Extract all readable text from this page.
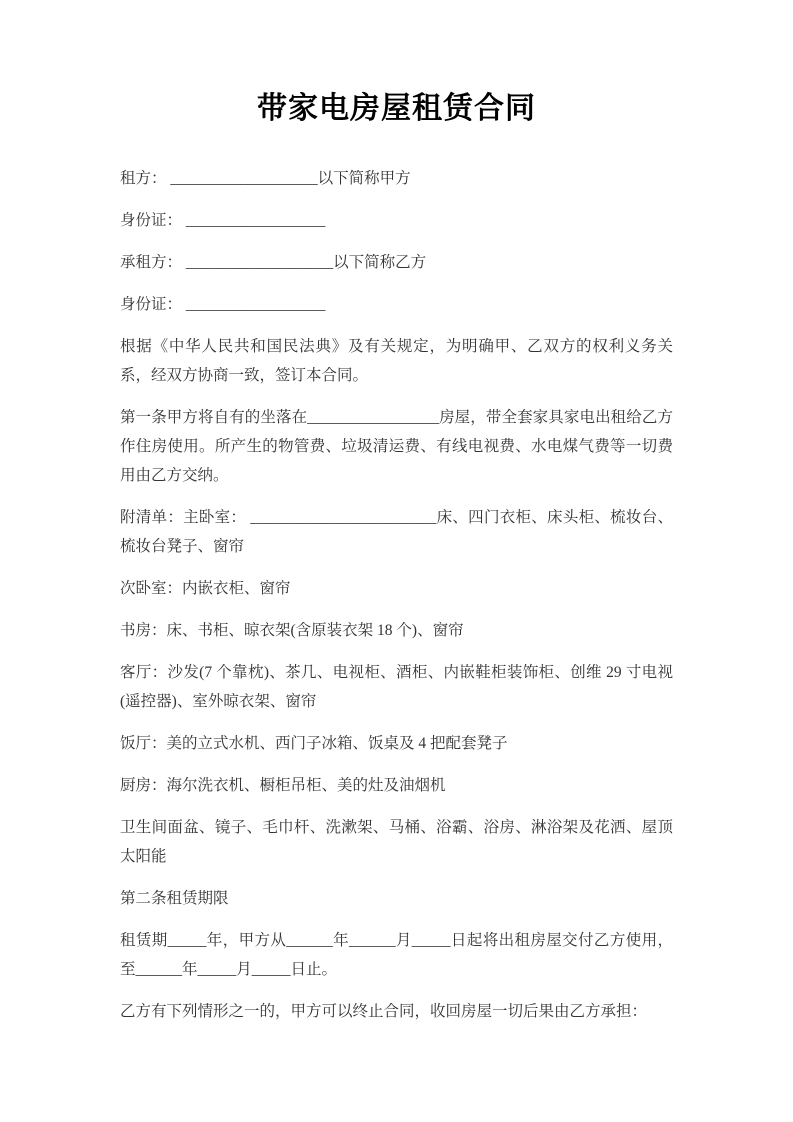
带家电房屋租赁合同

租方： ___________________以下简称甲方

身份证： __________________

承租方： ___________________以下简称乙方

身份证： __________________

根据《中华人民共和国民法典》及有关规定，为明确甲、乙双方的权利义务关系，经双方协商一致，签订本合同。

第一条甲方将自有的坐落在_________________房屋，带全套家具家电出租给乙方作住房使用。所产生的物管费、垃圾清运费、有线电视费、水电煤气费等一切费用由乙方交纳。

附清单：主卧室： ________________________床、四门衣柜、床头柜、梳妆台、梳妆台凳子、窗帘

次卧室：内嵌衣柜、窗帘

书房：床、书柜、晾衣架(含原装衣架 18 个)、窗帘

客厅：沙发(7 个靠枕)、茶几、电视柜、酒柜、内嵌鞋柜装饰柜、创维 29 寸电视(遥控器)、室外晾衣架、窗帘

饭厅：美的立式水机、西门子冰箱、饭桌及 4 把配套凳子

厨房：海尔洗衣机、橱柜吊柜、美的灶及油烟机

卫生间面盆、镜子、毛巾杆、洗漱架、马桶、浴霸、浴房、淋浴架及花洒、屋顶太阳能

第二条租赁期限

租赁期_____年，甲方从______年______月_____日起将出租房屋交付乙方使用，至______年_____月_____日止。

乙方有下列情形之一的，甲方可以终止合同，收回房屋一切后果由乙方承担：
